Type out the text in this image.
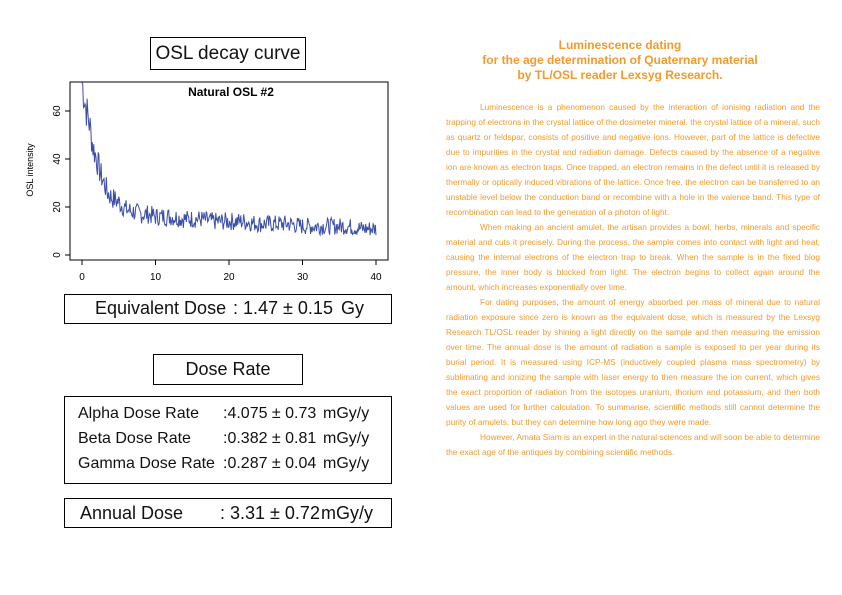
OSL decay curve
Natural OSL #2
OSL intensity
0	10	20	30	40
0
20
40
60
Equivalent Dose : 1.47 ± 0.15 Gy
Dose Rate
Alpha Dose Rate :4.075 ± 0.73 mGy/y
Beta Dose Rate :0.382 ± 0.81 mGy/y
Gamma Dose Rate :0.287 ± 0.04 mGy/y
Annual Dose : 3.31 ± 0.72 mGy/y
Luminescence dating
for the age determination of Quaternary material
by TL/OSL reader Lexsyg Research.

Luminescence is a phenomenon caused by the interaction of ionising radiation and the trapping of electrons in the crystal lattice of the dosimeter mineral. the crystal lattice of a mineral, such as quartz or feldspar, consists of positive and negative ions. However, part of the lattice is defective due to impurities in the crystal and radiation damage. Defects caused by the absence of a negative ion are known as electron traps. Once trapped, an electron remains in the defect until it is released by thermally or optically induced vibrations of the lattice. Once free, the electron can be transferred to an unstable level below the conduction band or recombine with a hole in the valence band. This type of recombination can lead to the generation of a photon of light.

When making an ancient amulet, the artisan provides a bowl, herbs, minerals and specific material and cuts it precisely. During the process, the sample comes into contact with light and heat, causing the internal electrons of the electron trap to break. When the sample is in the fixed blog pressure, the inner body is blocked from light. The electron begins to collect again around the amount, which increases exponentially over time.

For dating purposes, the amount of energy absorbed per mass of mineral due to natural radiation exposure since zero is known as the equivalent dose, which is measured by the Lexsyg Research TL/OSL reader by shining a light directly on the sample and then measuring the emission over time. The annual dose is the amount of radiation a sample is exposed to per year during its burial period. It is measured using ICP-MS (inductively coupled plasma mass spectrometry) by sublimating and ionizing the sample with laser energy to then measure the ion current, which gives the exact proportion of radiation from the isotopes uranium, thorium and potassium, and then both values are used for further calculation. To summarise, scientific methods still cannot determine the purity of amulets, but they can determine how long ago they were made.

However, Amata Siam is an expert in the natural sciences and will soon be able to determine the exact age of the antiques by combining scientific methods.
